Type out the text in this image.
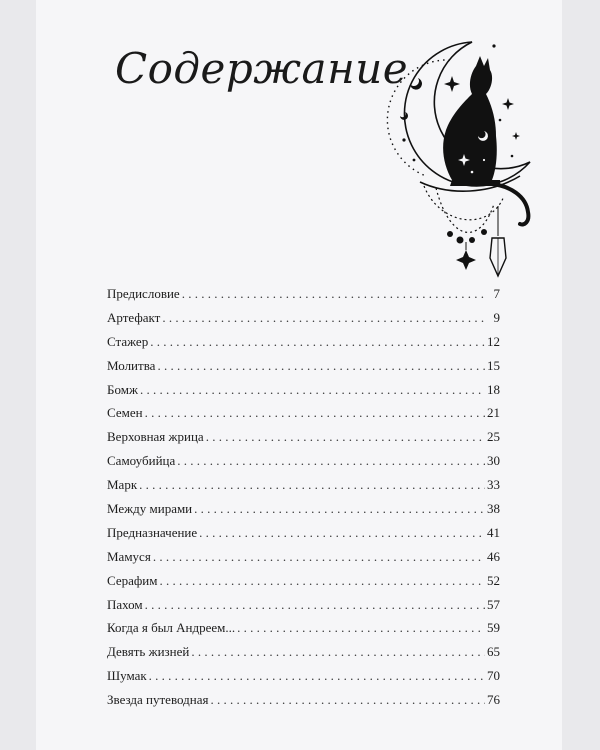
Содержание
Предисловие . . .	7
Артефакт . . .	9
Стажер . . .	12
Молитва . . .	15
Бомж . . .	18
Семен . . .	21
Верховная жрица . . .	25
Самоубийца . . .	30
Марк . . .	33
Между мирами . . .	38
Предназначение . . .	41
Мамуся . . .	46
Серафим . . .	52
Пахом . . .	57
Когда я был Андреем... . . .	59
Девять жизней . . .	65
Шумак . . .	70
Звезда путеводная . . .	76
